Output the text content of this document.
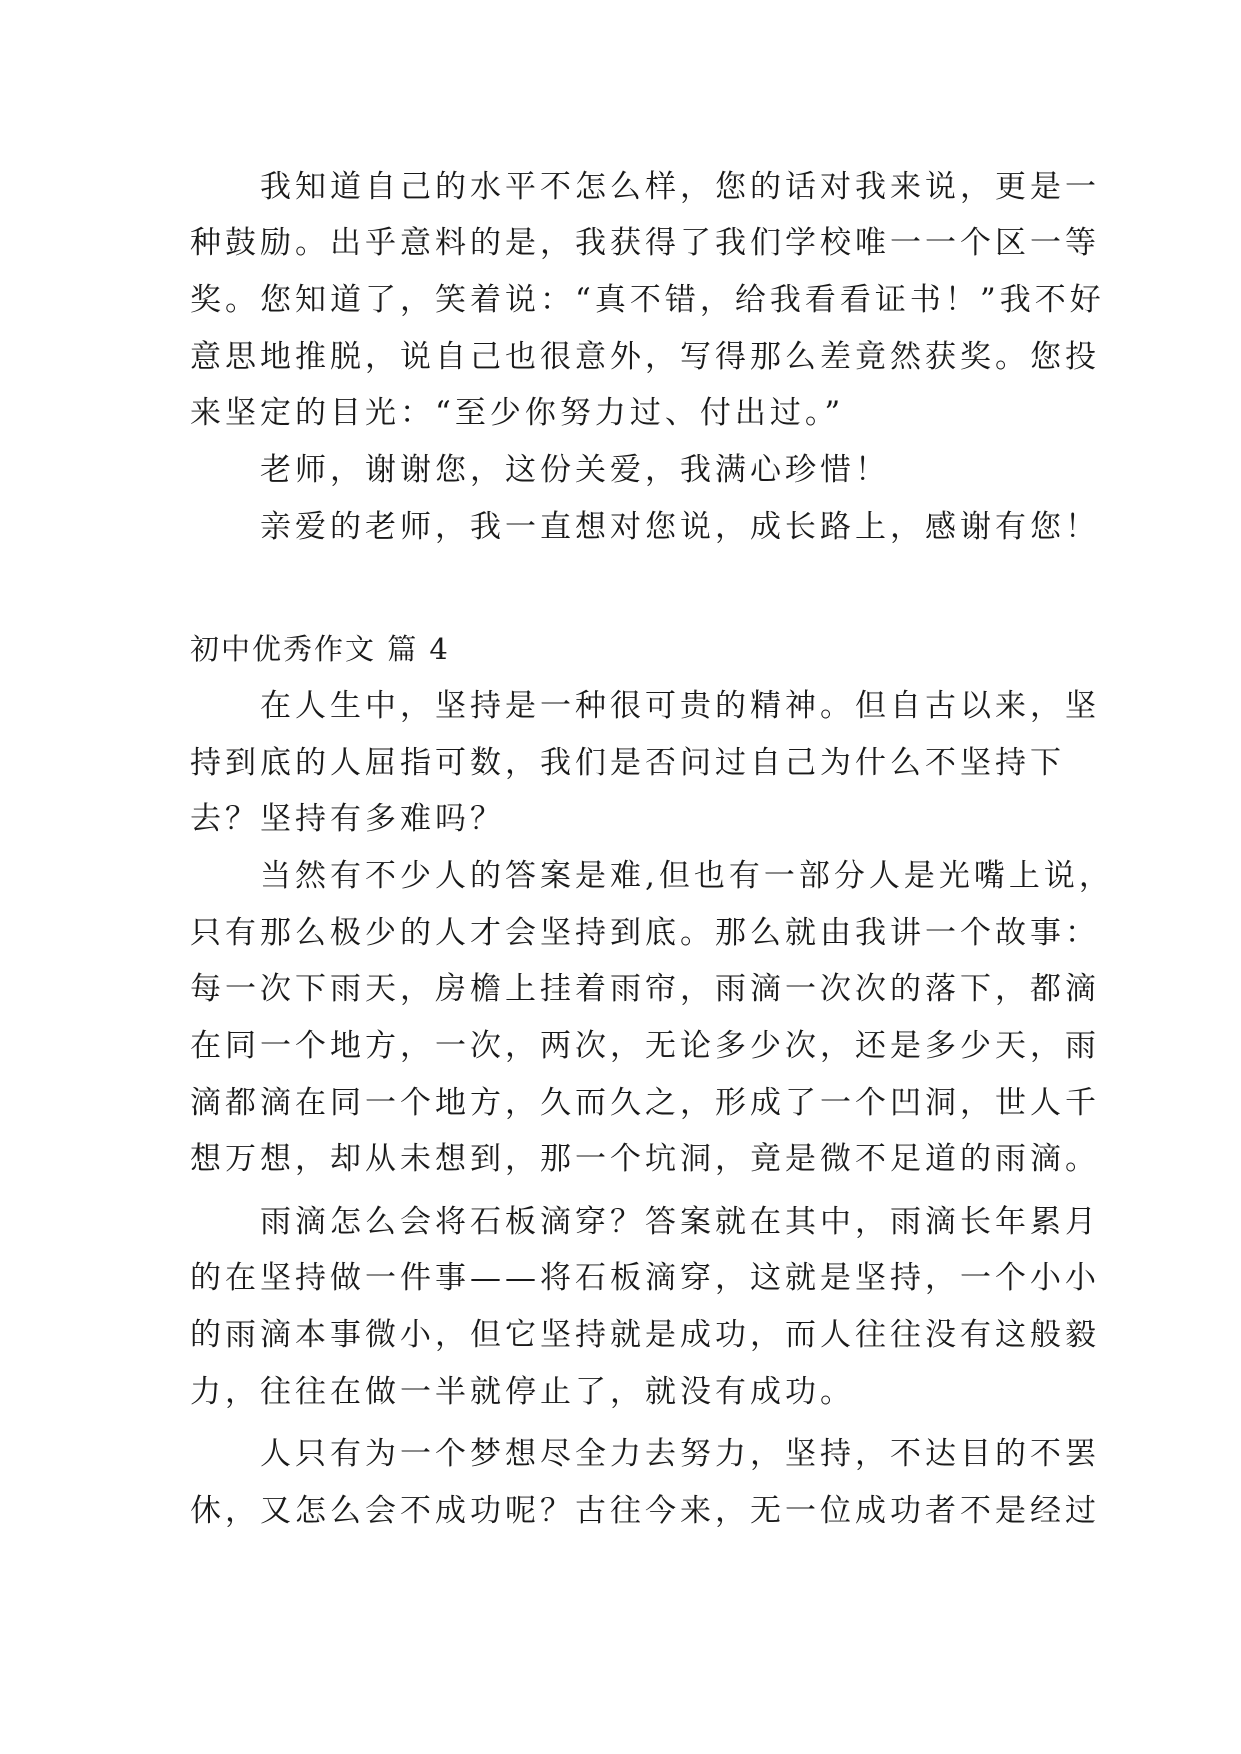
　　我知道自己的水平不怎么样，您的话对我来说，更是一
种鼓励。出乎意料的是，我获得了我们学校唯一一个区一等
奖。您知道了，笑着说：“真不错，给我看看证书！”我不好
意思地推脱，说自己也很意外，写得那么差竟然获奖。您投
来坚定的目光：“至少你努力过、付出过。”
　　老师，谢谢您，这份关爱，我满心珍惜！
　　亲爱的老师，我一直想对您说，成长路上，感谢有您！
初中优秀作文 篇 4
　　在人生中，坚持是一种很可贵的精神。但自古以来，坚
持到底的人屈指可数，我们是否问过自己为什么不坚持下
去？坚持有多难吗？
　　当然有不少人的答案是难,但也有一部分人是光嘴上说，
只有那么极少的人才会坚持到底。那么就由我讲一个故事：
每一次下雨天，房檐上挂着雨帘，雨滴一次次的落下，都滴
在同一个地方，一次，两次，无论多少次，还是多少天，雨
滴都滴在同一个地方，久而久之，形成了一个凹洞，世人千
想万想，却从未想到，那一个坑洞，竟是微不足道的雨滴。
　　雨滴怎么会将石板滴穿？答案就在其中，雨滴长年累月
的在坚持做一件事——将石板滴穿，这就是坚持，一个小小
的雨滴本事微小，但它坚持就是成功，而人往往没有这般毅
力，往往在做一半就停止了，就没有成功。
　　人只有为一个梦想尽全力去努力，坚持，不达目的不罢
休，又怎么会不成功呢？古往今来，无一位成功者不是经过
